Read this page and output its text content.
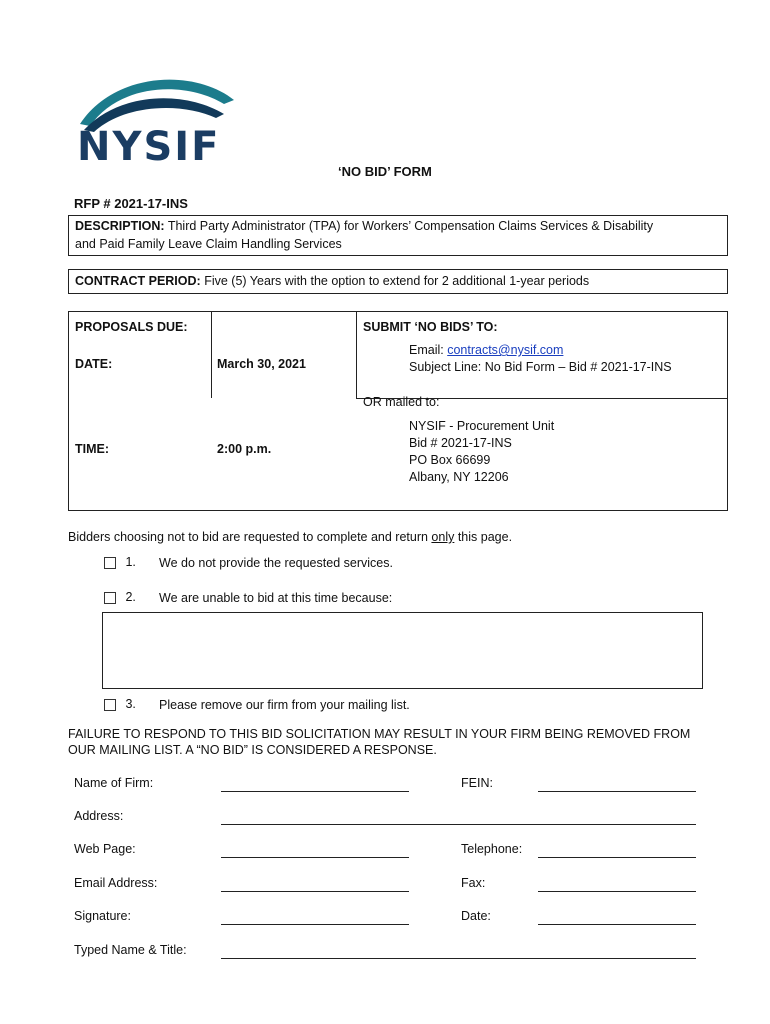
NYSIF
‘NO BID’ FORM
RFP # 2021-17-INS
DESCRIPTION: Third Party Administrator (TPA) for Workers’ Compensation Claims Services & Disability
and Paid Family Leave Claim Handling Services
CONTRACT PERIOD: Five (5) Years with the option to extend for 2 additional 1-year periods
PROPOSALS DUE:
DATE:	March 30, 2021
TIME:	2:00 p.m.
SUBMIT ‘NO BIDS’ TO:
Email: contracts@nysif.com
Subject Line: No Bid Form – Bid # 2021-17-INS
OR mailed to:
NYSIF - Procurement Unit
Bid # 2021-17-INS
PO Box 66699
Albany, NY 12206
Bidders choosing not to bid are requested to complete and return only this page.
1. We do not provide the requested services.
2. We are unable to bid at this time because:
3. Please remove our firm from your mailing list.
FAILURE TO RESPOND TO THIS BID SOLICITATION MAY RESULT IN YOUR FIRM BEING REMOVED FROM
OUR MAILING LIST. A “NO BID” IS CONSIDERED A RESPONSE.
Name of Firm:	FEIN:
Address:
Web Page:	Telephone:
Email Address:	Fax:
Signature:	Date:
Typed Name & Title:
